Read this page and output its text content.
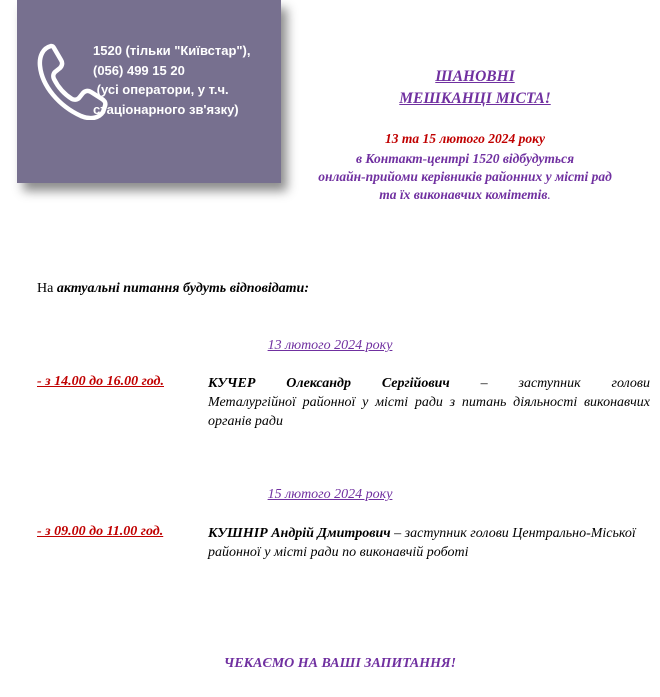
1520 (тільки "Київстар"),
(056) 499 15 20
(усі оператори, у т.ч.
стаціонарного зв'язку)
ШАНОВНІ
МЕШКАНЦІ МІСТА!
13 та 15 лютого 2024 року
в Контакт-центрі 1520 відбудуться
онлайн-прийоми керівників районних у місті рад
та їх виконавчих комітетів.
На актуальні питання будуть відповідати:
13 лютого 2024 року
- з 14.00 до 16.00 год.	КУЧЕР Олександр Сергійович – заступник голови
Металургійної районної у місті ради з питань діяльності виконавчих органів ради
15 лютого 2024 року
- з 09.00 до 11.00 год.	КУШНІР Андрій Дмитрович – заступник голови Центрально-Міської районної у місті ради по виконавчій роботі
ЧЕКАЄМО НА ВАШІ ЗАПИТАННЯ!
